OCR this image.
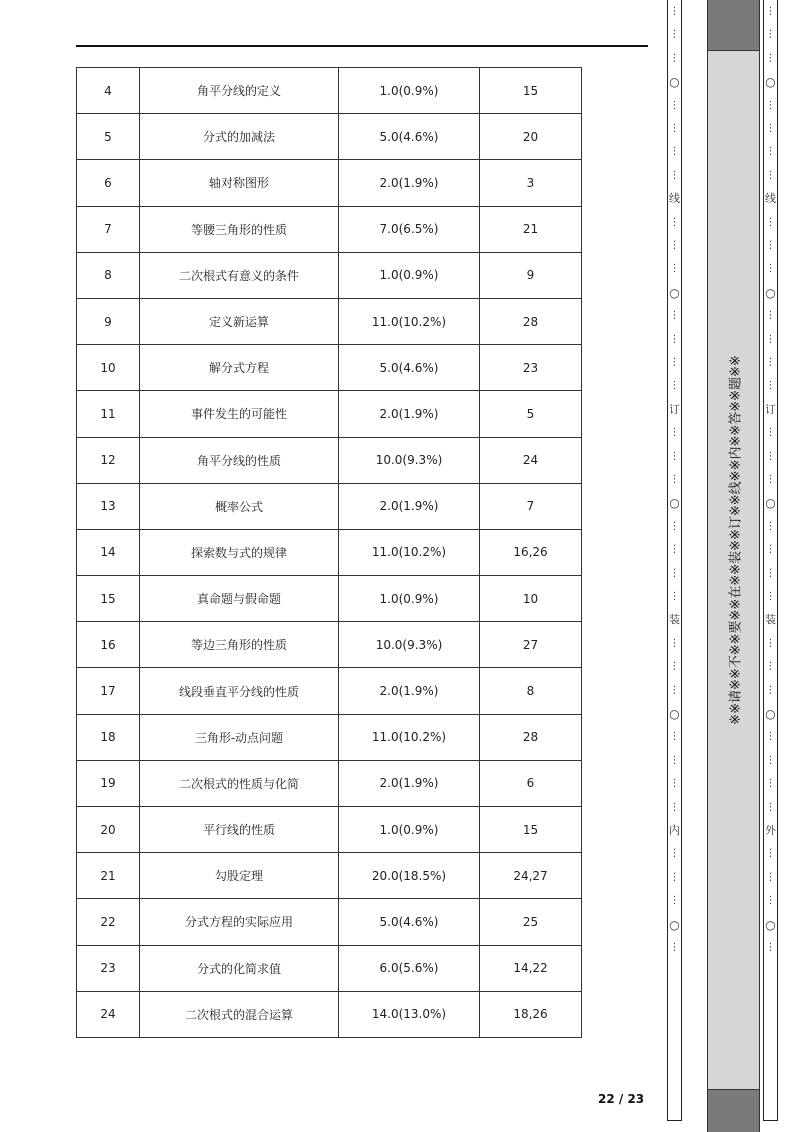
4	角平分线的定义	1.0(0.9%)	15
5	分式的加减法	5.0(4.6%)	20
6	轴对称图形	2.0(1.9%)	3
7	等腰三角形的性质	7.0(6.5%)	21
8	二次根式有意义的条件	1.0(0.9%)	9
9	定义新运算	11.0(10.2%)	28
10	解分式方程	5.0(4.6%)	23
11	事件发生的可能性	2.0(1.9%)	5
12	角平分线的性质	10.0(9.3%)	24
13	概率公式	2.0(1.9%)	7
14	探索数与式的规律	11.0(10.2%)	16,26
15	真命题与假命题	1.0(0.9%)	10
16	等边三角形的性质	10.0(9.3%)	27
17	线段垂直平分线的性质	2.0(1.9%)	8
18	三角形-动点问题	11.0(10.2%)	28
19	二次根式的性质与化简	2.0(1.9%)	6
20	平行线的性质	1.0(0.9%)	15
21	勾股定理	20.0(18.5%)	24,27
22	分式方程的实际应用	5.0(4.6%)	25
23	分式的化简求值	6.0(5.6%)	14,22
24	二次根式的混合运算	14.0(13.0%)	18,26
22 / 23
⋮
⋮
⋮
○
⋮
⋮
⋮
⋮
线
⋮
⋮
⋮
○
⋮
⋮
⋮
⋮
订
⋮
⋮
⋮
○
⋮
⋮
⋮
⋮
装
⋮
⋮
⋮
○
⋮
⋮
⋮
⋮
内
⋮
⋮
⋮
○
⋮
※※请※※不※※要※※在※※装※※订※※线※※内※※答※※题※※
⋮
⋮
⋮
○
⋮
⋮
⋮
⋮
线
⋮
⋮
⋮
○
⋮
⋮
⋮
⋮
订
⋮
⋮
⋮
○
⋮
⋮
⋮
⋮
装
⋮
⋮
⋮
○
⋮
⋮
⋮
⋮
外
⋮
⋮
⋮
○
⋮
